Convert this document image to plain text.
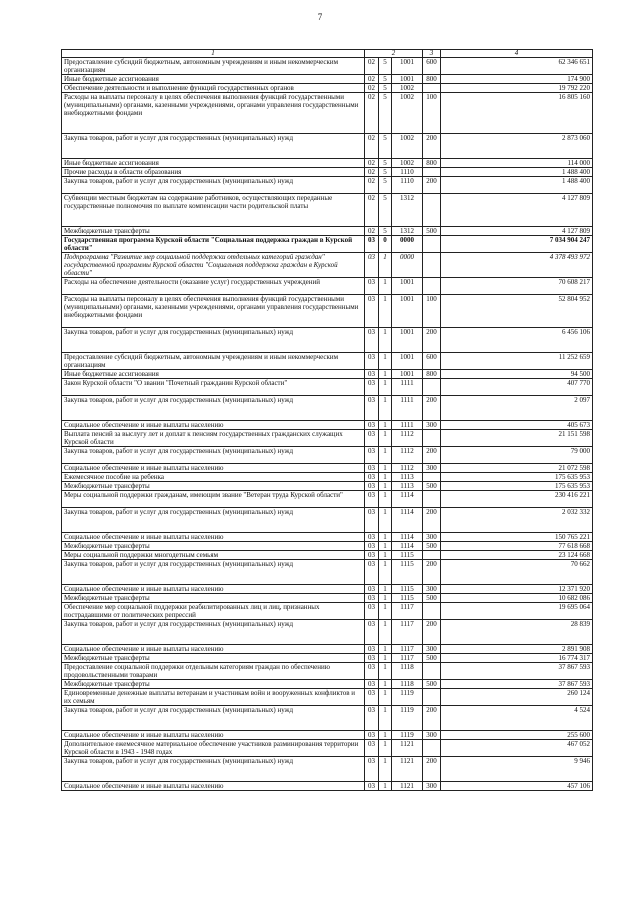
7
1	2			3	4
Предоставление субсидий бюджетным, автономным учреждениям и иным некоммерческим организациям	02	5	1001	600	62 346 651
Иные бюджетные ассигнования	02	5	1001	800	174 900
Обеспечение деятельности и выполнение функций государственных органов	02	5	1002		19 792 220
Расходы на выплаты персоналу в целях обеспечения выполнения функций государственными (муниципальными) органами, казенными учреждениями, органами управления государственными внебюджетными фондами	02	5	1002	100	16 805 160
Закупка товаров, работ и услуг для государственных (муниципальных) нужд	02	5	1002	200	2 873 060
Иные бюджетные ассигнования	02	5	1002	800	114 000
Прочие расходы в области образования	02	5	1110		1 488 400
Закупка товаров, работ и услуг для государственных (муниципальных) нужд	02	5	1110	200	1 488 400
Субвенции местным бюджетам на содержание работников, осуществляющих переданные государственные полномочия по выплате компенсации части родительской платы	02	5	1312		4 127 809
Межбюджетные трансферты	02	5	1312	500	4 127 809
Государственная программа Курской области "Социальная поддержка граждан в Курской области"	03	0	0000		7 034 904 247
Подпрограмма "Развитие мер социальной поддержки отдельных категорий граждан" государственной программы Курской области "Социальная поддержка граждан в Курской области"	03	1	0000		4 378 493 972
Расходы на обеспечение деятельности (оказание услуг) государственных учреждений	03	1	1001		70 608 217
Расходы на выплаты персоналу в целях обеспечения выполнения функций государственными (муниципальными) органами, казенными учреждениями, органами управления государственными внебюджетными фондами	03	1	1001	100	52 804 952
Закупка товаров, работ и услуг для государственных (муниципальных) нужд	03	1	1001	200	6 456 106
Предоставление субсидий бюджетным, автономным учреждениям и иным некоммерческим организациям	03	1	1001	600	11 252 659
Иные бюджетные ассигнования	03	1	1001	800	94 500
Закон Курской области "О звании "Почетный гражданин Курской области"	03	1	1111		407 770
Закупка товаров, работ и услуг для государственных (муниципальных) нужд	03	1	1111	200	2 097
Социальное обеспечение и иные выплаты населению	03	1	1111	300	405 673
Выплата пенсий за выслугу лет и доплат к пенсиям государственных гражданских служащих Курской области	03	1	1112		21 151 598
Закупка товаров, работ и услуг для государственных (муниципальных) нужд	03	1	1112	200	79 000
Социальное обеспечение и иные выплаты населению	03	1	1112	300	21 072 598
Ежемесячное пособие на ребенка	03	1	1113		175 635 953
Межбюджетные трансферты	03	1	1113	500	175 635 953
Меры социальной поддержки гражданам, имеющим звание "Ветеран труда Курской области"	03	1	1114		230 416 221
Закупка товаров, работ и услуг для государственных (муниципальных) нужд	03	1	1114	200	2 032 332
Социальное обеспечение и иные выплаты населению	03	1	1114	300	150 765 221
Межбюджетные трансферты	03	1	1114	500	77 618 668
Меры социальной поддержки многодетным семьям	03	1	1115		23 124 668
Закупка товаров, работ и услуг для государственных (муниципальных) нужд	03	1	1115	200	70 662
Социальное обеспечение и иные выплаты населению	03	1	1115	300	12 371 920
Межбюджетные трансферты	03	1	1115	500	10 682 086
Обеспечение мер социальной поддержки реабилитированных лиц и лиц, признанных пострадавшими от политических репрессий	03	1	1117		19 695 064
Закупка товаров, работ и услуг для государственных (муниципальных) нужд	03	1	1117	200	28 839
Социальное обеспечение и иные выплаты населению	03	1	1117	300	2 891 908
Межбюджетные трансферты	03	1	1117	500	16 774 317
Предоставление социальной поддержки отдельным категориям граждан по обеспечению продовольственными товарами	03	1	1118		37 867 593
Межбюджетные трансферты	03	1	1118	500	37 867 593
Единовременные денежные выплаты ветеранам и участникам войн и вооруженных конфликтов и их семьям	03	1	1119		260 124
Закупка товаров, работ и услуг для государственных (муниципальных) нужд	03	1	1119	200	4 524
Социальное обеспечение и иные выплаты населению	03	1	1119	300	255 600
Дополнительное ежемесячное материальное обеспечение участников разминирования территории Курской области в 1943 - 1948 годах	03	1	1121		467 052
Закупка товаров, работ и услуг для государственных (муниципальных) нужд	03	1	1121	200	9 946
Социальное обеспечение и иные выплаты населению	03	1	1121	300	457 106
